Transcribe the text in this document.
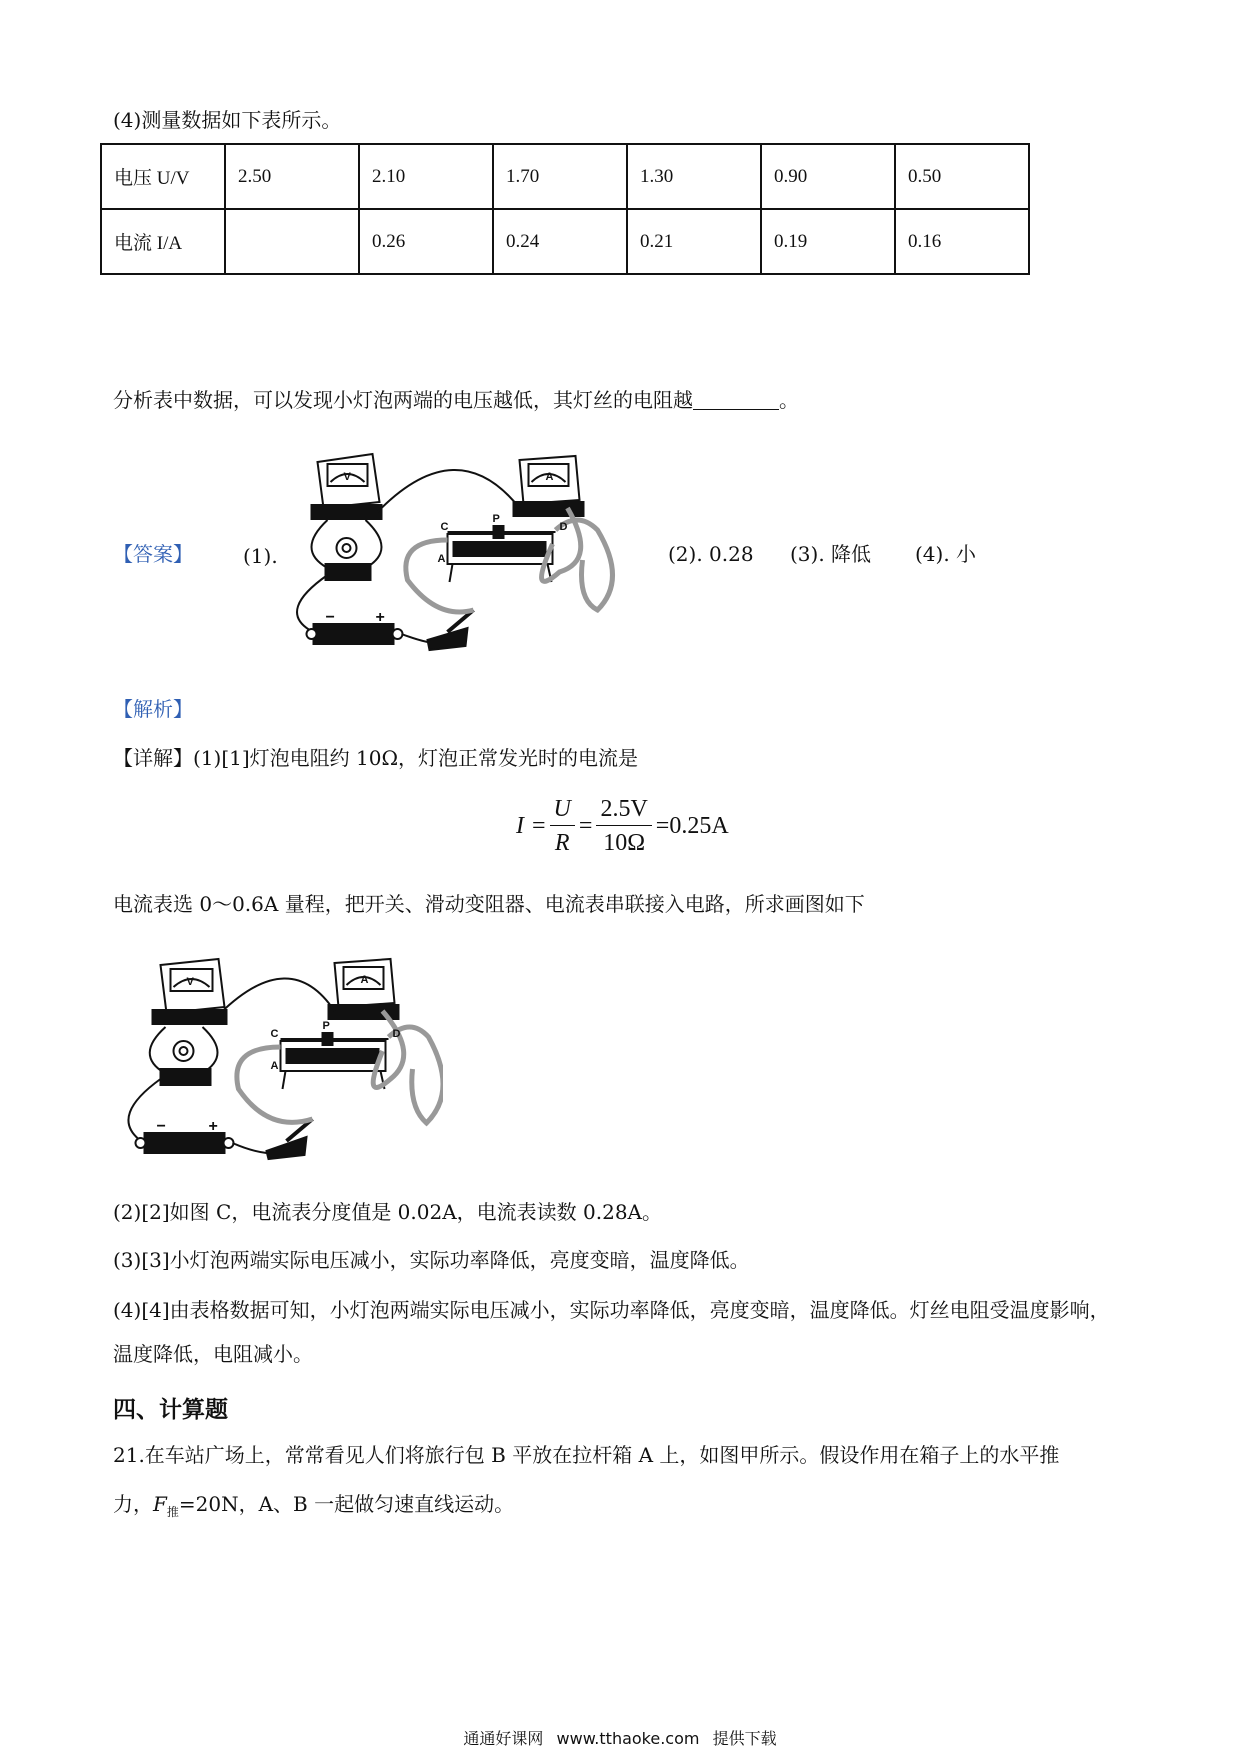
(4)测量数据如下表所示。
电压 U/V	2.50	2.10	1.70	1.30	0.90	0.50
电流 I/A		0.26	0.24	0.21	0.19	0.16
分析表中数据，可以发现小灯泡两端的电压越低，其灯丝的电阻越	。
【答案】	(1).	(2). 0.28 (3). 降低 (4). 小
V	A
C
P
D
A
−	+
【解析】
【详解】(1)[1]灯泡电阻约 10Ω，灯泡正常发光时的电流是
$I = \frac{U}{R} = \frac{2.5V}{10\Omega} =0.25A$
电流表选 0～0.6A 量程，把开关、滑动变阻器、电流表串联接入电路，所求画图如下
V	A
C
P
D
A
−	+
(2)[2]如图 C，电流表分度值是 0.02A，电流表读数 0.28A。
(3)[3]小灯泡两端实际电压减小，实际功率降低，亮度变暗，温度降低。
(4)[4]由表格数据可知，小灯泡两端实际电压减小，实际功率降低，亮度变暗，温度降低。灯丝电阻受温度影响，温度降低，电阻减小。
四、计算题
21.在车站广场上，常常看见人们将旅行包 B 平放在拉杆箱 A 上，如图甲所示。假设作用在箱子上的水平推
力，$F_推=20N$，A、B 一起做匀速直线运动。
通通好课网 www.tthaoke.com 提供下载
